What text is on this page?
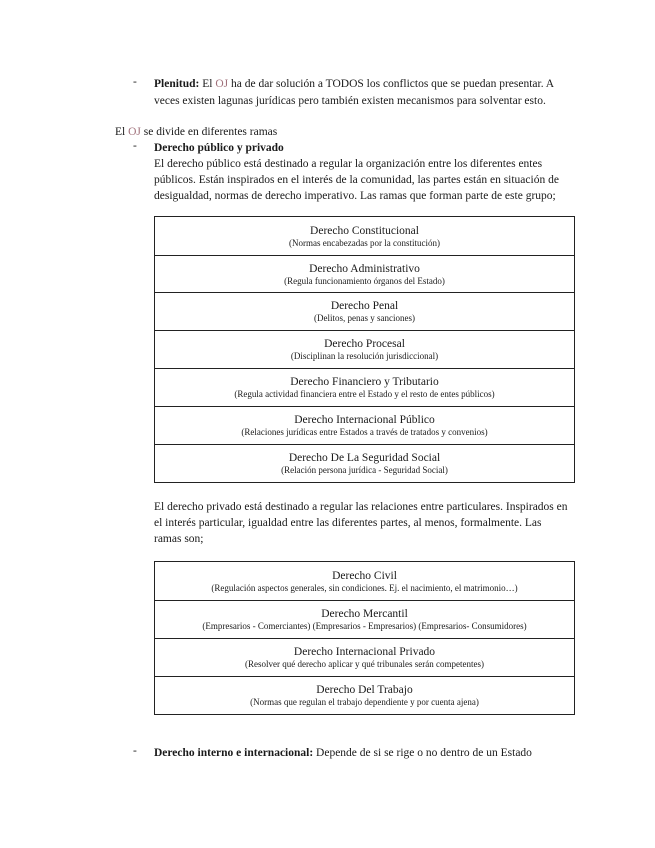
- Plenitud: El OJ ha de dar solución a TODOS los conflictos que se puedan presentar. A
veces existen lagunas jurídicas pero también existen mecanismos para solventar esto.
El OJ se divide en diferentes ramas
- Derecho público y privado
El derecho público está destinado a regular la organización entre los diferentes entes
públicos. Están inspirados en el interés de la comunidad, las partes están en situación de
desigualdad, normas de derecho imperativo. Las ramas que forman parte de este grupo;
Derecho Constitucional
(Normas encabezadas por la constitución)

Derecho Administrativo
(Regula funcionamiento órganos del Estado)

Derecho Penal
(Delitos, penas y sanciones)

Derecho Procesal
(Disciplinan la resolución jurisdiccional)

Derecho Financiero y Tributario
(Regula actividad financiera entre el Estado y el resto de entes públicos)

Derecho Internacional Público
(Relaciones jurídicas entre Estados a través de tratados y convenios)

Derecho De La Seguridad Social
(Relación persona jurídica - Seguridad Social)
El derecho privado está destinado a regular las relaciones entre particulares. Inspirados en
el interés particular, igualdad entre las diferentes partes, al menos, formalmente. Las
ramas son;
Derecho Civil
(Regulación aspectos generales, sin condiciones. Ej. el nacimiento, el matrimonio…)

Derecho Mercantil
(Empresarios - Comerciantes) (Empresarios - Empresarios) (Empresarios- Consumidores)

Derecho Internacional Privado
(Resolver qué derecho aplicar y qué tribunales serán competentes)

Derecho Del Trabajo
(Normas que regulan el trabajo dependiente y por cuenta ajena)
- Derecho interno e internacional: Depende de si se rige o no dentro de un Estado
